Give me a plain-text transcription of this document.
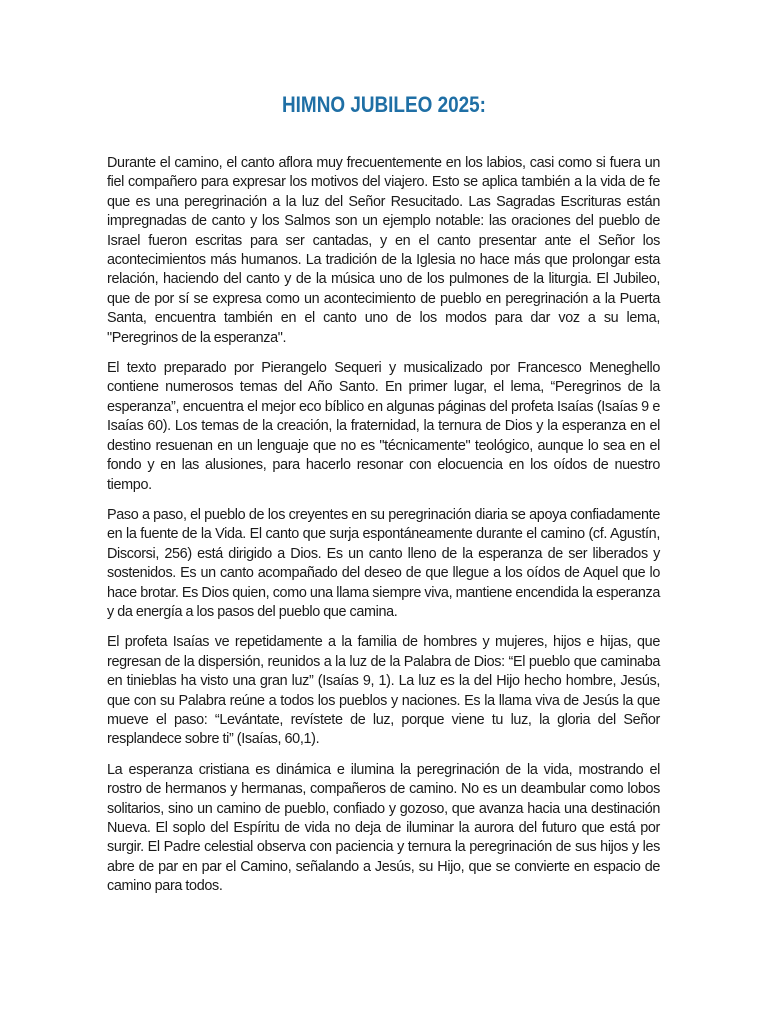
HIMNO JUBILEO 2025:

Durante el camino, el canto aflora muy frecuentemente en los labios, casi como si fuera un fiel compañero para expresar los motivos del viajero. Esto se aplica también a la vida de fe que es una peregrinación a la luz del Señor Resucitado. Las Sagradas Escrituras están impregnadas de canto y los Salmos son un ejemplo notable: las oraciones del pueblo de Israel fueron escritas para ser cantadas, y en el canto presentar ante el Señor los acontecimientos más humanos. La tradición de la Iglesia no hace más que prolongar esta relación, haciendo del canto y de la música uno de los pulmones de la liturgia. El Jubileo, que de por sí se expresa como un acontecimiento de pueblo en peregrinación a la Puerta Santa, encuentra también en el canto uno de los modos para dar voz a su lema, "Peregrinos de la esperanza".

El texto preparado por Pierangelo Sequeri y musicalizado por Francesco Meneghello contiene numerosos temas del Año Santo. En primer lugar, el lema, “Peregrinos de la esperanza”, encuentra el mejor eco bíblico en algunas páginas del profeta Isaías (Isaías 9 e Isaías 60). Los temas de la creación, la fraternidad, la ternura de Dios y la esperanza en el destino resuenan en un lenguaje que no es "técnicamente" teológico, aunque lo sea en el fondo y en las alusiones, para hacerlo resonar con elocuencia en los oídos de nuestro tiempo.

Paso a paso, el pueblo de los creyentes en su peregrinación diaria se apoya confiadamente en la fuente de la Vida. El canto que surja espontáneamente durante el camino (cf. Agustín, Discorsi, 256) está dirigido a Dios. Es un canto lleno de la esperanza de ser liberados y sostenidos. Es un canto acompañado del deseo de que llegue a los oídos de Aquel que lo hace brotar. Es Dios quien, como una llama siempre viva, mantiene encendida la esperanza y da energía a los pasos del pueblo que camina.

El profeta Isaías ve repetidamente a la familia de hombres y mujeres, hijos e hijas, que regresan de la dispersión, reunidos a la luz de la Palabra de Dios: “El pueblo que caminaba en tinieblas ha visto una gran luz” (Isaías 9, 1). La luz es la del Hijo hecho hombre, Jesús, que con su Palabra reúne a todos los pueblos y naciones. Es la llama viva de Jesús la que mueve el paso: “Levántate, revístete de luz, porque viene tu luz, la gloria del Señor resplandece sobre ti” (Isaías, 60,1).

La esperanza cristiana es dinámica e ilumina la peregrinación de la vida, mostrando el rostro de hermanos y hermanas, compañeros de camino. No es un deambular como lobos solitarios, sino un camino de pueblo, confiado y gozoso, que avanza hacia una destinación Nueva. El soplo del Espíritu de vida no deja de iluminar la aurora del futuro que está por surgir. El Padre celestial observa con paciencia y ternura la peregrinación de sus hijos y les abre de par en par el Camino, señalando a Jesús, su Hijo, que se convierte en espacio de camino para todos.
